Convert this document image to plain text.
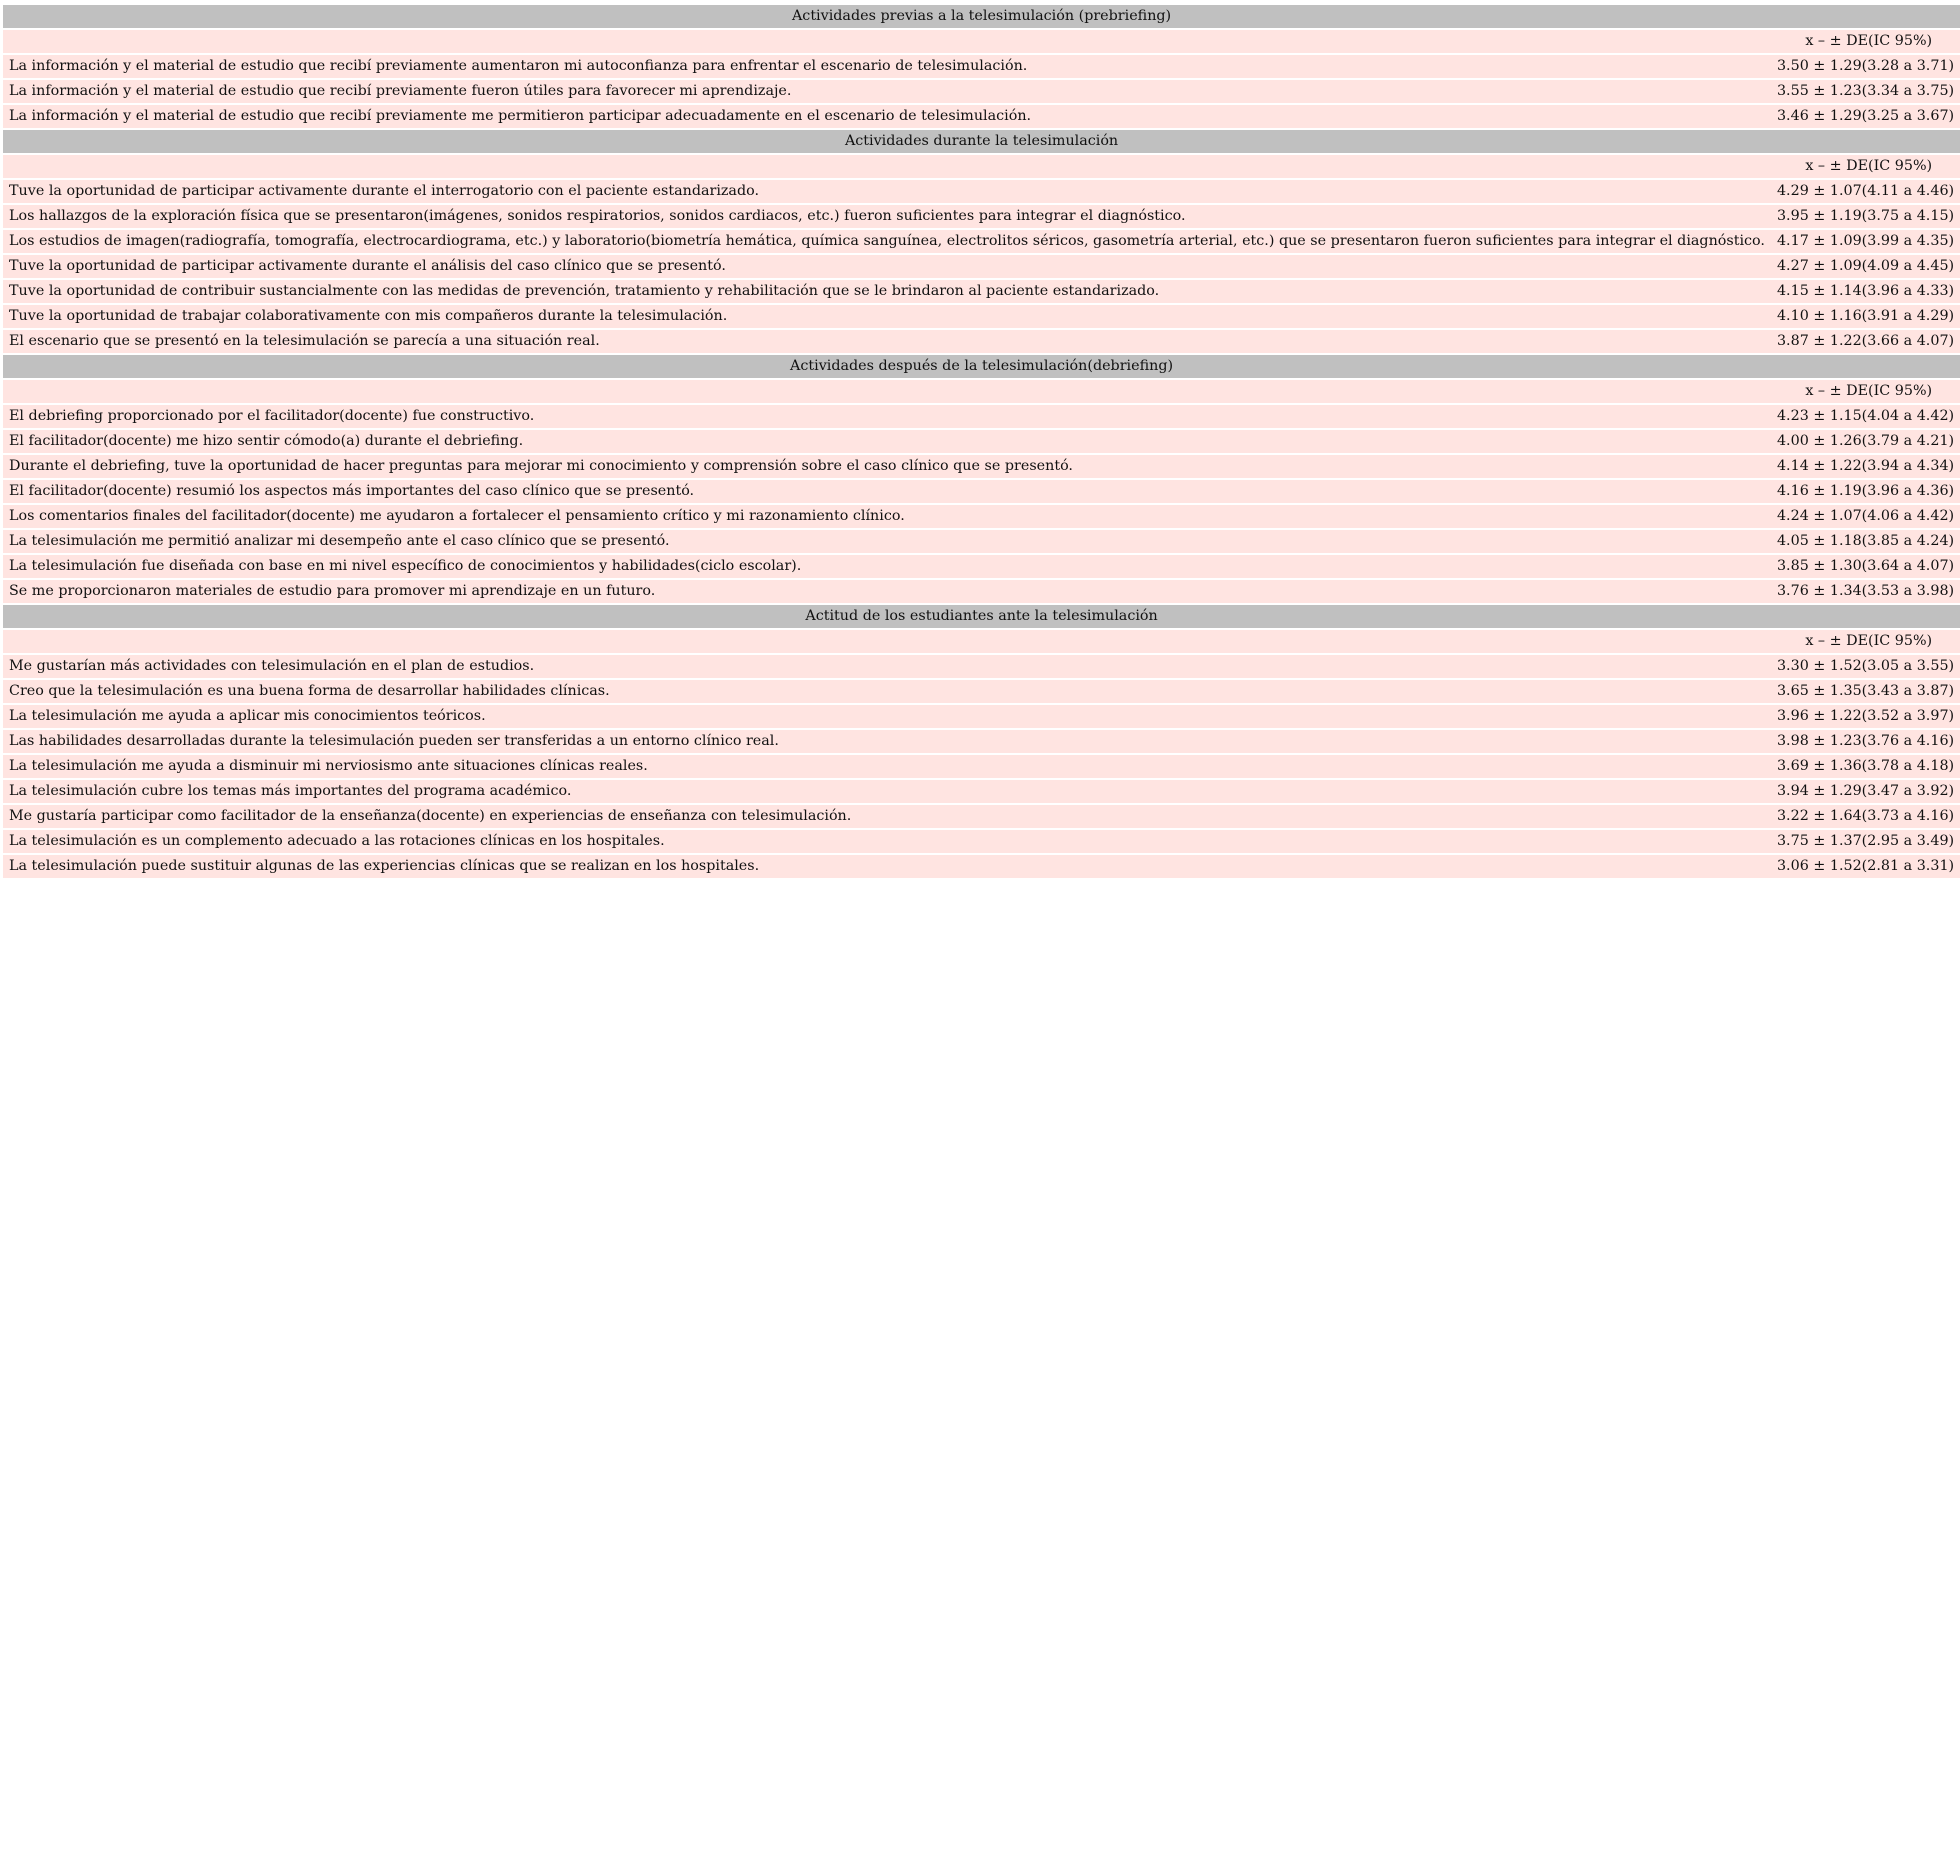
Actividades previas a la telesimulación (prebriefing)	
	x – ± DE(IC 95%)
La información y el material de estudio que recibí previamente aumentaron mi autoconfianza para enfrentar el escenario de telesimulación.	3.50 ± 1.29(3.28 a 3.71)
La información y el material de estudio que recibí previamente fueron útiles para favorecer mi aprendizaje.	3.55 ± 1.23(3.34 a 3.75)
La información y el material de estudio que recibí previamente me permitieron participar adecuadamente en el escenario de telesimulación.	3.46 ± 1.29(3.25 a 3.67)
Actividades durante la telesimulación	
	x – ± DE(IC 95%)
Tuve la oportunidad de participar activamente durante el interrogatorio con el paciente estandarizado.	4.29 ± 1.07(4.11 a 4.46)
Los hallazgos de la exploración física que se presentaron(imágenes, sonidos respiratorios, sonidos cardiacos, etc.) fueron suficientes para integrar el diagnóstico.	3.95 ± 1.19(3.75 a 4.15)
Los estudios de imagen(radiografía, tomografía, electrocardiograma, etc.) y laboratorio(biometría hemática, química sanguínea, electrolitos séricos, gasometría arterial, etc.) que se presentaron fueron suficientes para integrar el diagnóstico.	4.17 ± 1.09(3.99 a 4.35)
Tuve la oportunidad de participar activamente durante el análisis del caso clínico que se presentó.	4.27 ± 1.09(4.09 a 4.45)
Tuve la oportunidad de contribuir sustancialmente con las medidas de prevención, tratamiento y rehabilitación que se le brindaron al paciente estandarizado.	4.15 ± 1.14(3.96 a 4.33)
Tuve la oportunidad de trabajar colaborativamente con mis compañeros durante la telesimulación.	4.10 ± 1.16(3.91 a 4.29)
El escenario que se presentó en la telesimulación se parecía a una situación real.	3.87 ± 1.22(3.66 a 4.07)
Actividades después de la telesimulación(debriefing)	
	x – ± DE(IC 95%)
El debriefing proporcionado por el facilitador(docente) fue constructivo.	4.23 ± 1.15(4.04 a 4.42)
El facilitador(docente) me hizo sentir cómodo(a) durante el debriefing.	4.00 ± 1.26(3.79 a 4.21)
Durante el debriefing, tuve la oportunidad de hacer preguntas para mejorar mi conocimiento y comprensión sobre el caso clínico que se presentó.	4.14 ± 1.22(3.94 a 4.34)
El facilitador(docente) resumió los aspectos más importantes del caso clínico que se presentó.	4.16 ± 1.19(3.96 a 4.36)
Los comentarios finales del facilitador(docente) me ayudaron a fortalecer el pensamiento crítico y mi razonamiento clínico.	4.24 ± 1.07(4.06 a 4.42)
La telesimulación me permitió analizar mi desempeño ante el caso clínico que se presentó.	4.05 ± 1.18(3.85 a 4.24)
La telesimulación fue diseñada con base en mi nivel específico de conocimientos y habilidades(ciclo escolar).	3.85 ± 1.30(3.64 a 4.07)
Se me proporcionaron materiales de estudio para promover mi aprendizaje en un futuro.	3.76 ± 1.34(3.53 a 3.98)
Actitud de los estudiantes ante la telesimulación	
	x – ± DE(IC 95%)
Me gustarían más actividades con telesimulación en el plan de estudios.	3.30 ± 1.52(3.05 a 3.55)
Creo que la telesimulación es una buena forma de desarrollar habilidades clínicas.	3.65 ± 1.35(3.43 a 3.87)
La telesimulación me ayuda a aplicar mis conocimientos teóricos.	3.96 ± 1.22(3.52 a 3.97)
Las habilidades desarrolladas durante la telesimulación pueden ser transferidas a un entorno clínico real.	3.98 ± 1.23(3.76 a 4.16)
La telesimulación me ayuda a disminuir mi nerviosismo ante situaciones clínicas reales.	3.69 ± 1.36(3.78 a 4.18)
La telesimulación cubre los temas más importantes del programa académico.	3.94 ± 1.29(3.47 a 3.92)
Me gustaría participar como facilitador de la enseñanza(docente) en experiencias de enseñanza con telesimulación.	3.22 ± 1.64(3.73 a 4.16)
La telesimulación es un complemento adecuado a las rotaciones clínicas en los hospitales.	3.75 ± 1.37(2.95 a 3.49)
La telesimulación puede sustituir algunas de las experiencias clínicas que se realizan en los hospitales.	3.06 ± 1.52(2.81 a 3.31)
